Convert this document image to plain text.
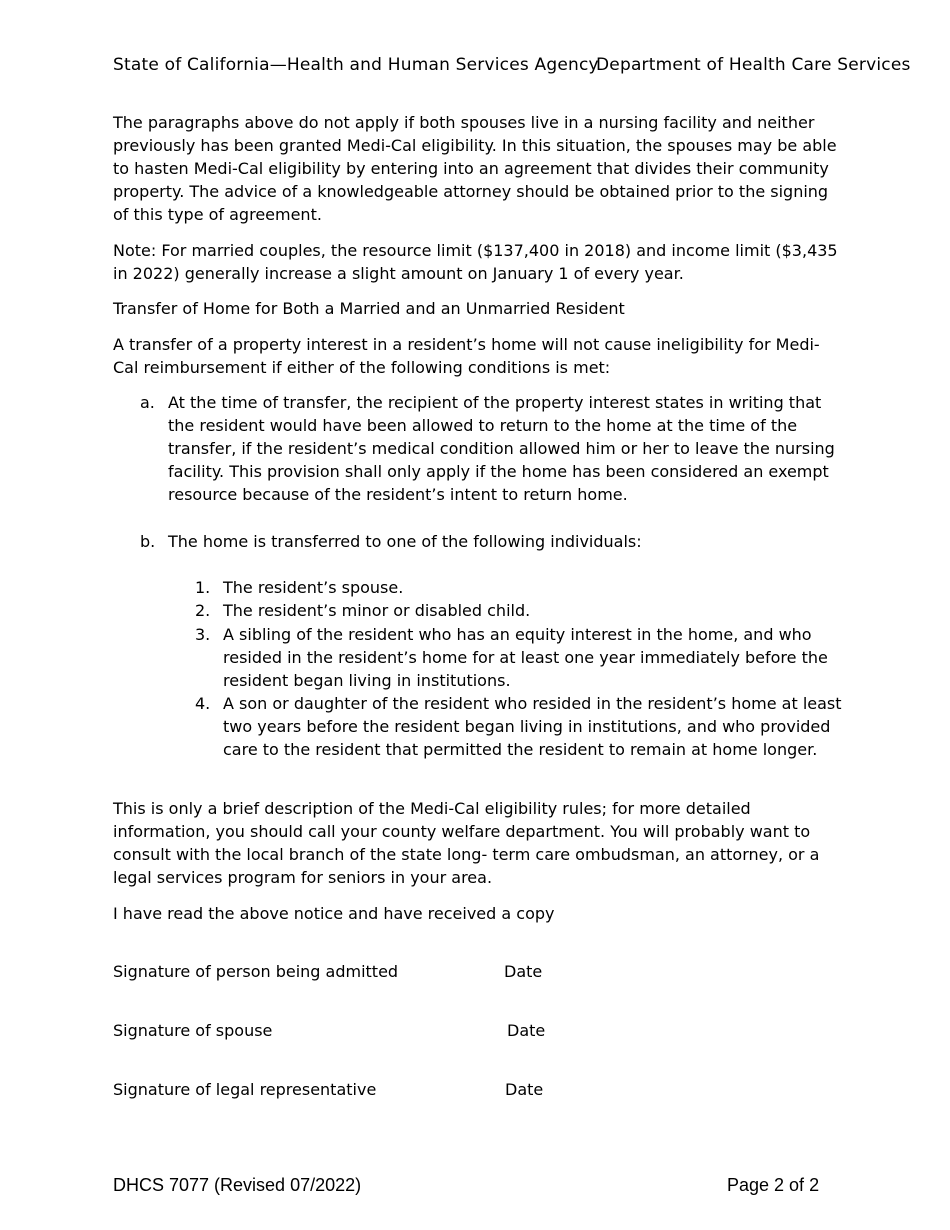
State of California—Health and Human Services Agency
Department of Health Care Services

The paragraphs above do not apply if both spouses live in a nursing facility and neither previously has been granted Medi-Cal eligibility. In this situation, the spouses may be able to hasten Medi-Cal eligibility by entering into an agreement that divides their community property. The advice of a knowledgeable attorney should be obtained prior to the signing of this type of agreement.

Note: For married couples, the resource limit ($137,400 in 2018) and income limit ($3,435 in 2022) generally increase a slight amount on January 1 of every year.

Transfer of Home for Both a Married and an Unmarried Resident

A transfer of a property interest in a resident’s home will not cause ineligibility for Medi-Cal reimbursement if either of the following conditions is met:

a. At the time of transfer, the recipient of the property interest states in writing that the resident would have been allowed to return to the home at the time of the transfer, if the resident’s medical condition allowed him or her to leave the nursing facility. This provision shall only apply if the home has been considered an exempt resource because of the resident’s intent to return home.
b. The home is transferred to one of the following individuals:
1. The resident’s spouse.
2. The resident’s minor or disabled child.
3. A sibling of the resident who has an equity interest in the home, and who resided in the resident’s home for at least one year immediately before the resident began living in institutions.
4. A son or daughter of the resident who resided in the resident’s home at least two years before the resident began living in institutions, and who provided care to the resident that permitted the resident to remain at home longer.

This is only a brief description of the Medi-Cal eligibility rules; for more detailed information, you should call your county welfare department. You will probably want to consult with the local branch of the state long- term care ombudsman, an attorney, or a legal services program for seniors in your area.

I have read the above notice and have received a copy

_______________________________________________
Signature of person being admitted	Date
_______________________________________________
Signature of spouse	Date
_______________________________________________
Signature of legal representative	Date
DHCS 7077 (Revised 07/2022)	Page 2 of 2
